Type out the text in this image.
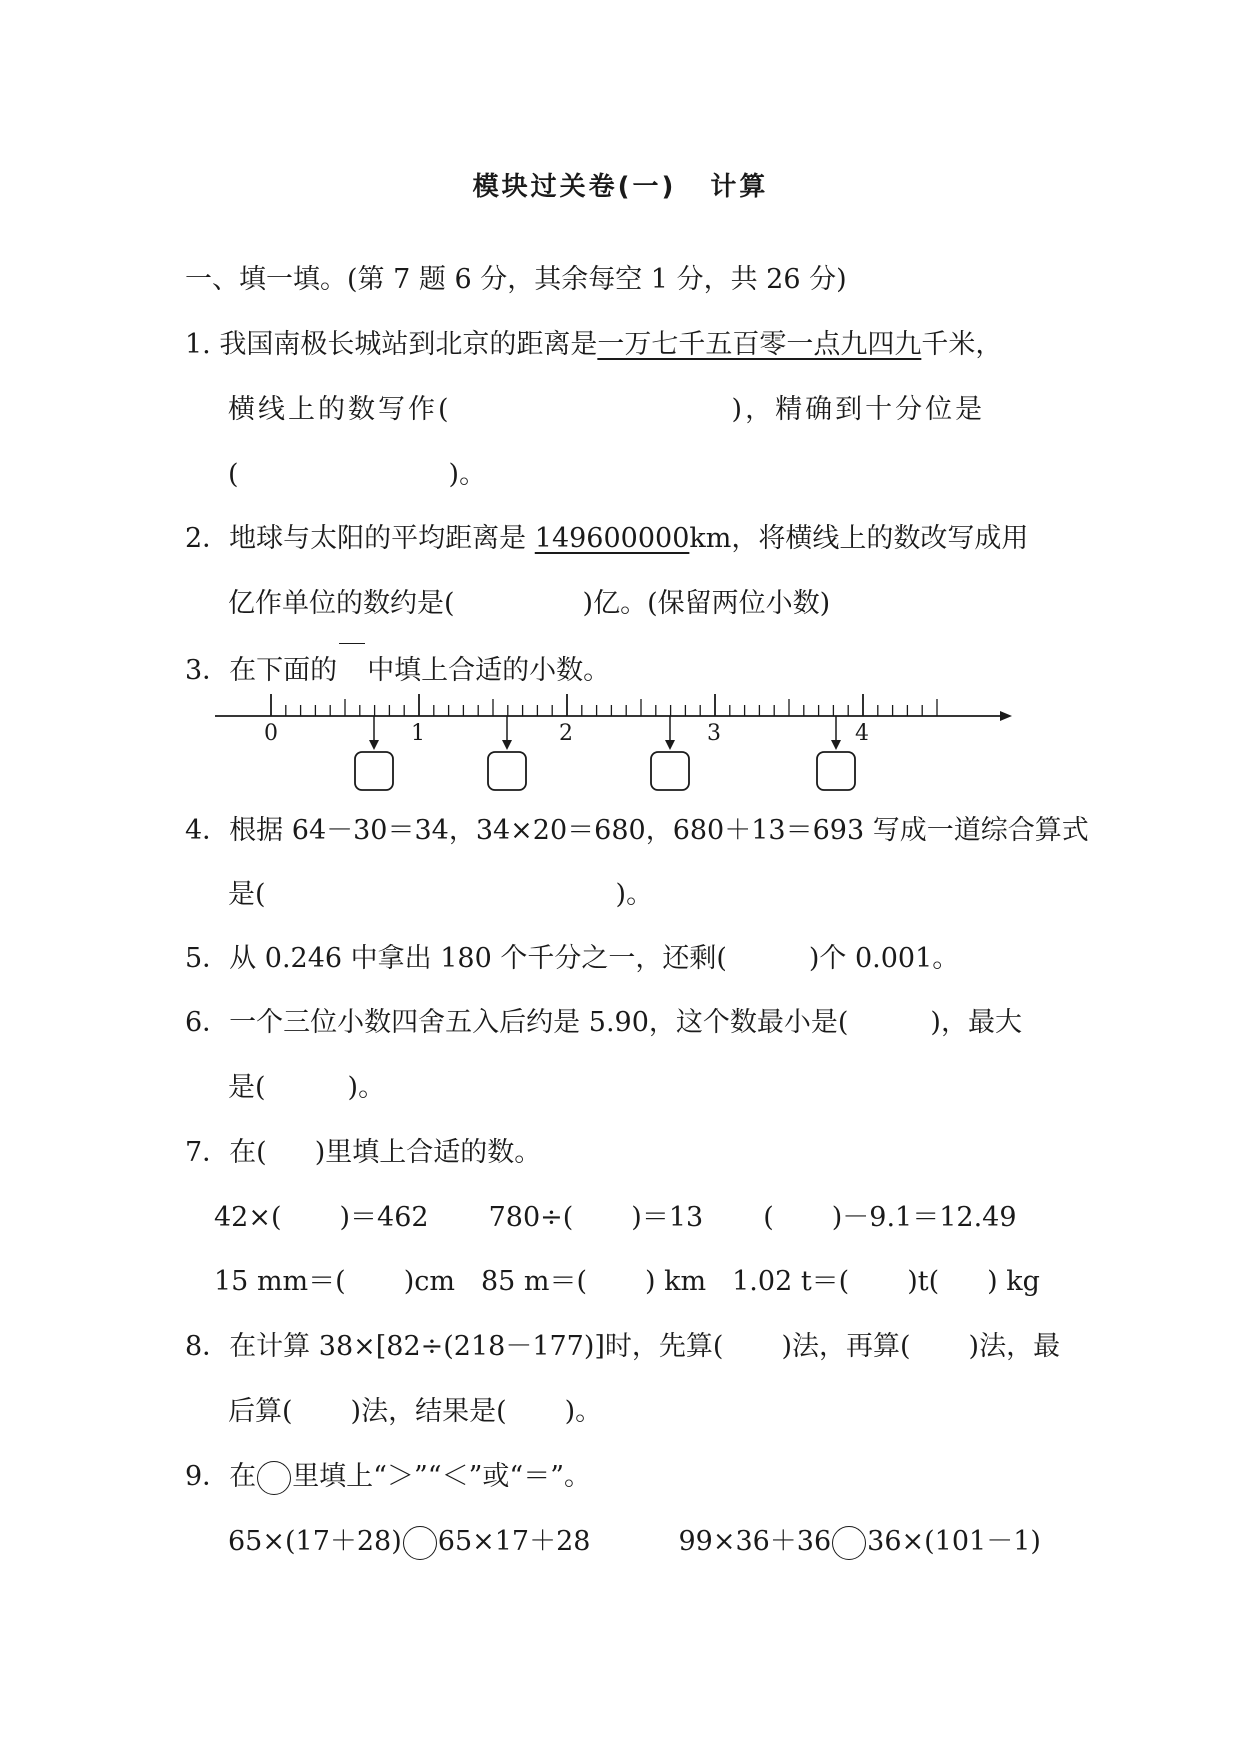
模块过关卷(一) 计算
一、填一填。(第 7 题 6 分，其余每空 1 分，共 26 分)
1. 我国南极长城站到北京的距离是一万七千五百零一点九四九千米，
横线上的数写作(	)，精确到十分位是
(	)。
2．地球与太阳的平均距离是 149600000km，将横线上的数改写成用
亿作单位的数约是(	)亿。(保留两位小数)
3．在下面的 中填上合适的小数。
0	1	2	3	4
4．根据 64－30＝34，34×20＝680，680＋13＝693 写成一道综合算式
是(	)。
5．从 0.246 中拿出 180 个千分之一，还剩(	)个 0.001。
6．一个三位小数四舍五入后约是 5.90，这个数最小是(	)，最大
是(	)。
7．在( )里填上合适的数。
42×( )＝462 780÷( )＝13 ( )－9.1＝12.49
15 mm＝( )cm 85 m＝( ) km 1.02 t＝( )t( ) kg
8．在计算 38×[82÷(218－177)]时，先算( )法，再算( )法，最
后算( )法，结果是( )。
9．在 里填上“＞”“＜”或“＝”。
65×(17＋28) 65×17＋28	99×36＋36 36×(101－1)
